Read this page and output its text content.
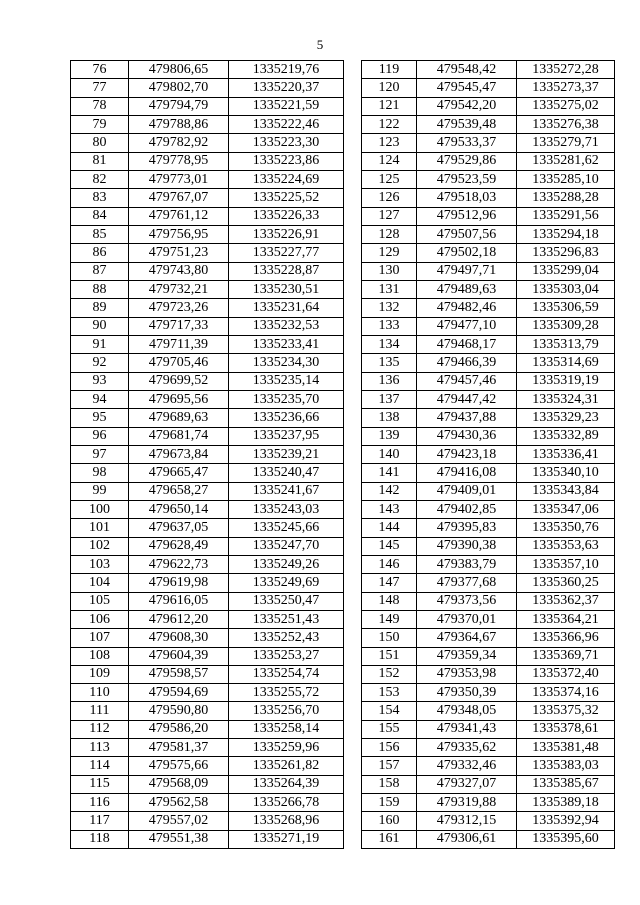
5
76	479806,65	1335219,76
77	479802,70	1335220,37
78	479794,79	1335221,59
79	479788,86	1335222,46
80	479782,92	1335223,30
81	479778,95	1335223,86
82	479773,01	1335224,69
83	479767,07	1335225,52
84	479761,12	1335226,33
85	479756,95	1335226,91
86	479751,23	1335227,77
87	479743,80	1335228,87
88	479732,21	1335230,51
89	479723,26	1335231,64
90	479717,33	1335232,53
91	479711,39	1335233,41
92	479705,46	1335234,30
93	479699,52	1335235,14
94	479695,56	1335235,70
95	479689,63	1335236,66
96	479681,74	1335237,95
97	479673,84	1335239,21
98	479665,47	1335240,47
99	479658,27	1335241,67
100	479650,14	1335243,03
101	479637,05	1335245,66
102	479628,49	1335247,70
103	479622,73	1335249,26
104	479619,98	1335249,69
105	479616,05	1335250,47
106	479612,20	1335251,43
107	479608,30	1335252,43
108	479604,39	1335253,27
109	479598,57	1335254,74
110	479594,69	1335255,72
111	479590,80	1335256,70
112	479586,20	1335258,14
113	479581,37	1335259,96
114	479575,66	1335261,82
115	479568,09	1335264,39
116	479562,58	1335266,78
117	479557,02	1335268,96
118	479551,38	1335271,19
119	479548,42	1335272,28
120	479545,47	1335273,37
121	479542,20	1335275,02
122	479539,48	1335276,38
123	479533,37	1335279,71
124	479529,86	1335281,62
125	479523,59	1335285,10
126	479518,03	1335288,28
127	479512,96	1335291,56
128	479507,56	1335294,18
129	479502,18	1335296,83
130	479497,71	1335299,04
131	479489,63	1335303,04
132	479482,46	1335306,59
133	479477,10	1335309,28
134	479468,17	1335313,79
135	479466,39	1335314,69
136	479457,46	1335319,19
137	479447,42	1335324,31
138	479437,88	1335329,23
139	479430,36	1335332,89
140	479423,18	1335336,41
141	479416,08	1335340,10
142	479409,01	1335343,84
143	479402,85	1335347,06
144	479395,83	1335350,76
145	479390,38	1335353,63
146	479383,79	1335357,10
147	479377,68	1335360,25
148	479373,56	1335362,37
149	479370,01	1335364,21
150	479364,67	1335366,96
151	479359,34	1335369,71
152	479353,98	1335372,40
153	479350,39	1335374,16
154	479348,05	1335375,32
155	479341,43	1335378,61
156	479335,62	1335381,48
157	479332,46	1335383,03
158	479327,07	1335385,67
159	479319,88	1335389,18
160	479312,15	1335392,94
161	479306,61	1335395,60
